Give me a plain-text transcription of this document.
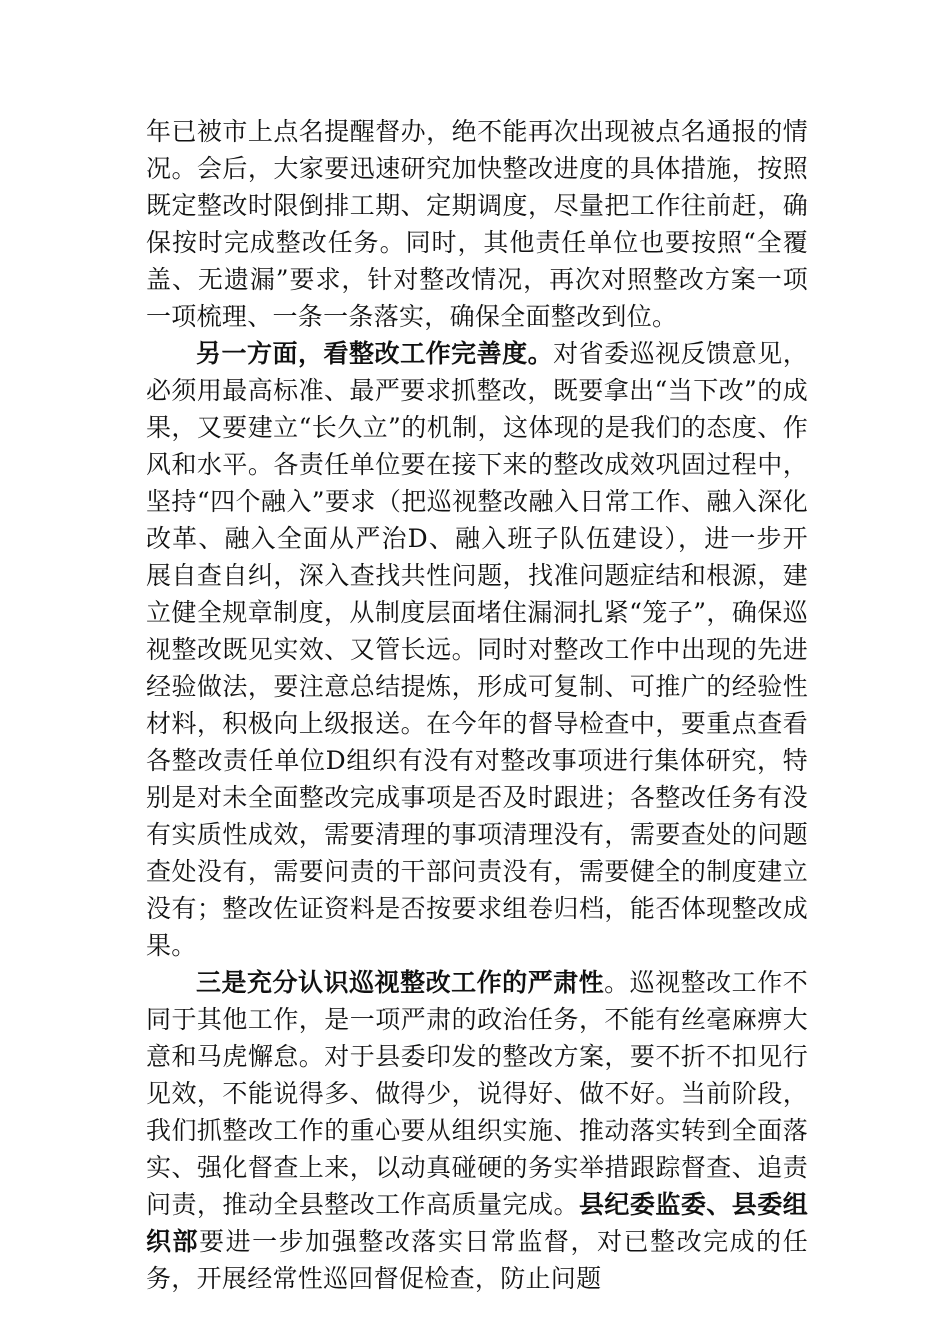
年已被市上点名提醒督办，绝不能再次出现被点名通报的情况。会后，大家要迅速研究加快整改进度的具体措施，按照既定整改时限倒排工期、定期调度，尽量把工作往前赶，确保按时完成整改任务。同时，其他责任单位也要按照“全覆盖、无遗漏”要求，针对整改情况，再次对照整改方案一项一项梳理、一条一条落实，确保全面整改到位。

另一方面，看整改工作完善度。对省委巡视反馈意见，必须用最高标准、最严要求抓整改，既要拿出“当下改”的成果，又要建立“长久立”的机制，这体现的是我们的态度、作风和水平。各责任单位要在接下来的整改成效巩固过程中，坚持“四个融入”要求（把巡视整改融入日常工作、融入深化改革、融入全面从严治D、融入班子队伍建设），进一步开展自查自纠，深入查找共性问题，找准问题症结和根源，建立健全规章制度，从制度层面堵住漏洞扎紧“笼子”，确保巡视整改既见实效、又管长远。同时对整改工作中出现的先进经验做法，要注意总结提炼，形成可复制、可推广的经验性材料，积极向上级报送。在今年的督导检查中，要重点查看各整改责任单位D组织有没有对整改事项进行集体研究，特别是对未全面整改完成事项是否及时跟进；各整改任务有没有实质性成效，需要清理的事项清理没有，需要查处的问题查处没有，需要问责的干部问责没有，需要健全的制度建立没有；整改佐证资料是否按要求组卷归档，能否体现整改成果。

三是充分认识巡视整改工作的严肃性。巡视整改工作不同于其他工作，是一项严肃的政治任务，不能有丝毫麻痹大意和马虎懈怠。对于县委印发的整改方案，要不折不扣见行见效，不能说得多、做得少，说得好、做不好。当前阶段，我们抓整改工作的重心要从组织实施、推动落实转到全面落实、强化督查上来，以动真碰硬的务实举措跟踪督查、追责问责，推动全县整改工作高质量完成。县纪委监委、县委组织部要进一步加强整改落实日常监督，对已整改完成的任务，开展经常性巡回督促检查，防止问题
